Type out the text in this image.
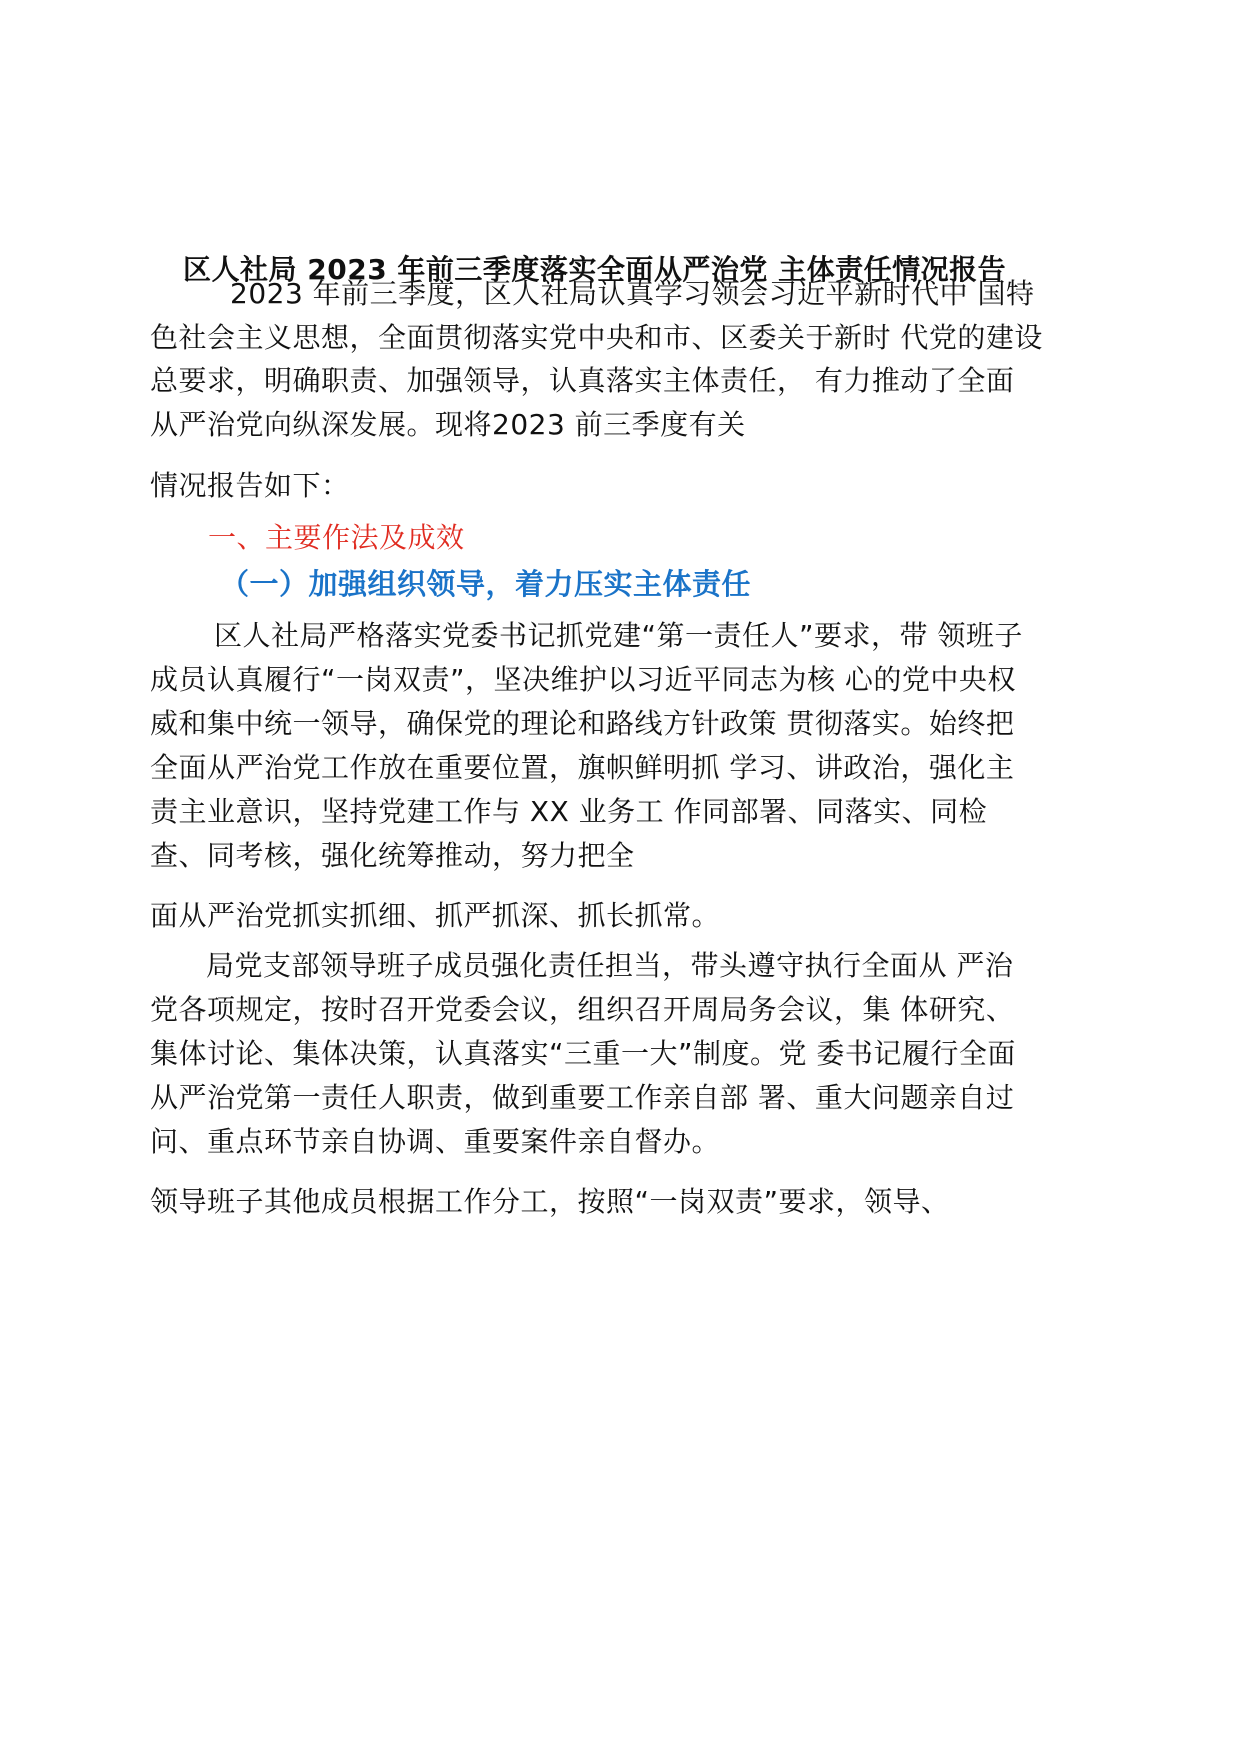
区人社局 2023 年前三季度落实全面从严治党 主体责任情况报告
2023 年前三季度，区人社局认真学习领会习近平新时代中 国特
色社会主义思想，全面贯彻落实党中央和市、区委关于新时 代党的建设
总要求，明确职责、加强领导，认真落实主体责任， 有力推动了全面
从严治党向纵深发展。现将2023 前三季度有关
情况报告如下：
一、主要作法及成效
（一）加强组织领导，着力压实主体责任
区人社局严格落实党委书记抓党建“第一责任人”要求，带 领班子
成员认真履行“一岗双责”，坚决维护以习近平同志为核 心的党中央权
威和集中统一领导，确保党的理论和路线方针政策 贯彻落实。始终把
全面从严治党工作放在重要位置，旗帜鲜明抓 学习、讲政治，强化主
责主业意识，坚持党建工作与 XX 业务工 作同部署、同落实、同检
查、同考核，强化统筹推动，努力把全
面从严治党抓实抓细、抓严抓深、抓长抓常。
局党支部领导班子成员强化责任担当，带头遵守执行全面从 严治
党各项规定，按时召开党委会议，组织召开周局务会议，集 体研究、
集体讨论、集体决策，认真落实“三重一大”制度。党 委书记履行全面
从严治党第一责任人职责，做到重要工作亲自部 署、重大问题亲自过
问、重点环节亲自协调、重要案件亲自督办。
领导班子其他成员根据工作分工，按照“一岗双责”要求，领导、
